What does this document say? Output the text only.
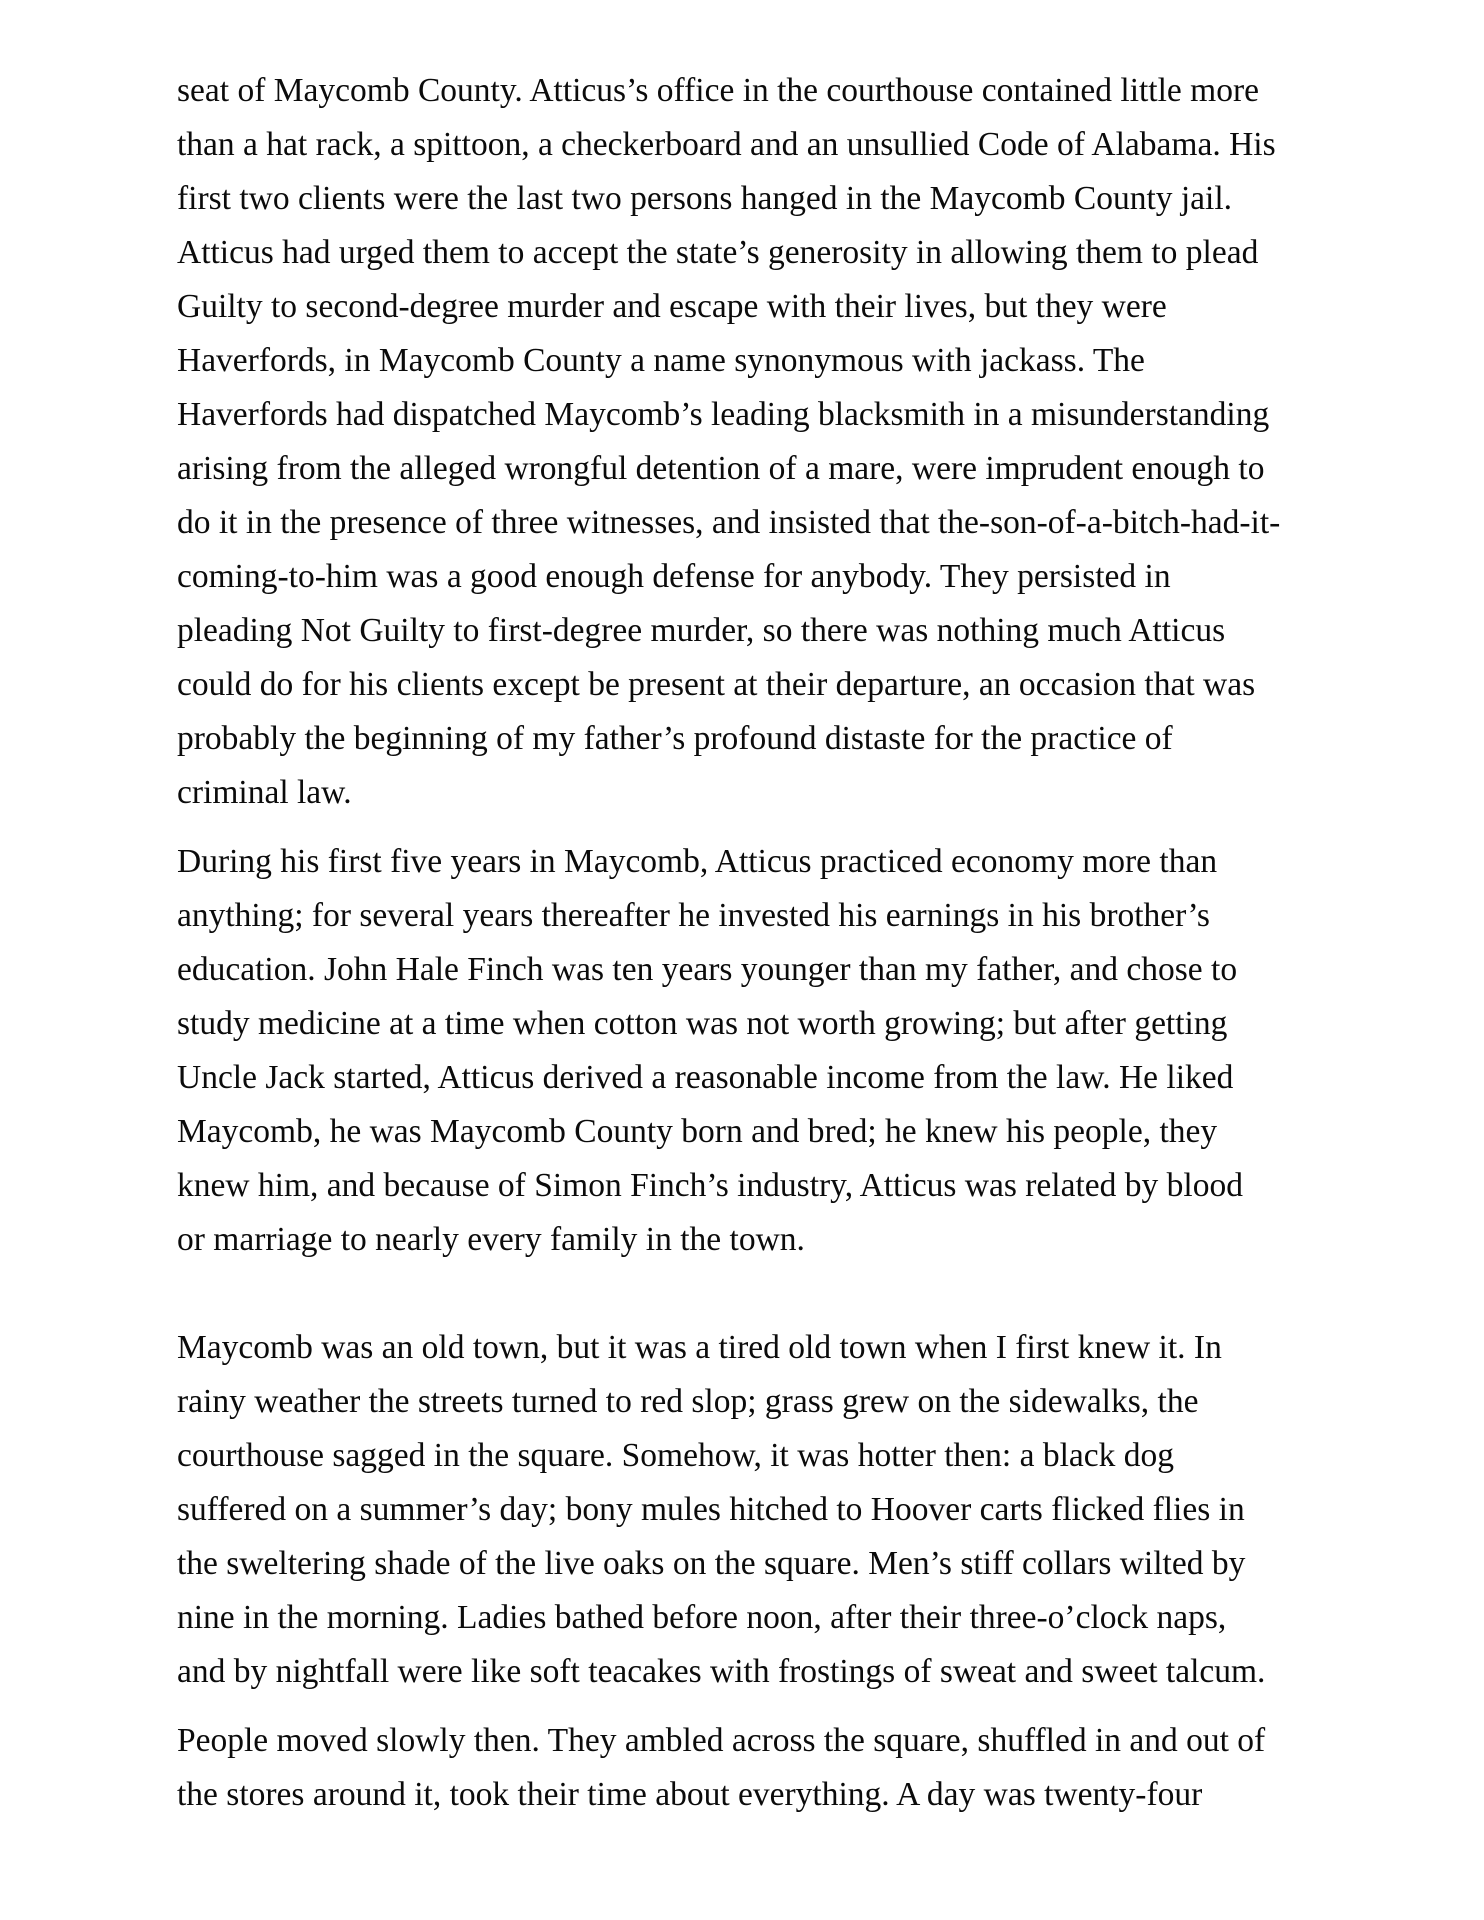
seat of Maycomb County. Atticus’s office in the courthouse contained little more
than a hat rack, a spittoon, a checkerboard and an unsullied Code of Alabama. His
first two clients were the last two persons hanged in the Maycomb County jail.
Atticus had urged them to accept the state’s generosity in allowing them to plead
Guilty to second-degree murder and escape with their lives, but they were
Haverfords, in Maycomb County a name synonymous with jackass. The
Haverfords had dispatched Maycomb’s leading blacksmith in a misunderstanding
arising from the alleged wrongful detention of a mare, were imprudent enough to
do it in the presence of three witnesses, and insisted that the-son-of-a-bitch-had-it-
coming-to-him was a good enough defense for anybody. They persisted in
pleading Not Guilty to first-degree murder, so there was nothing much Atticus
could do for his clients except be present at their departure, an occasion that was
probably the beginning of my father’s profound distaste for the practice of
criminal law.

During his first five years in Maycomb, Atticus practiced economy more than
anything; for several years thereafter he invested his earnings in his brother’s
education. John Hale Finch was ten years younger than my father, and chose to
study medicine at a time when cotton was not worth growing; but after getting
Uncle Jack started, Atticus derived a reasonable income from the law. He liked
Maycomb, he was Maycomb County born and bred; he knew his people, they
knew him, and because of Simon Finch’s industry, Atticus was related by blood
or marriage to nearly every family in the town.

Maycomb was an old town, but it was a tired old town when I first knew it. In
rainy weather the streets turned to red slop; grass grew on the sidewalks, the
courthouse sagged in the square. Somehow, it was hotter then: a black dog
suffered on a summer’s day; bony mules hitched to Hoover carts flicked flies in
the sweltering shade of the live oaks on the square. Men’s stiff collars wilted by
nine in the morning. Ladies bathed before noon, after their three-o’clock naps,
and by nightfall were like soft teacakes with frostings of sweat and sweet talcum.

People moved slowly then. They ambled across the square, shuffled in and out of
the stores around it, took their time about everything. A day was twenty-four
